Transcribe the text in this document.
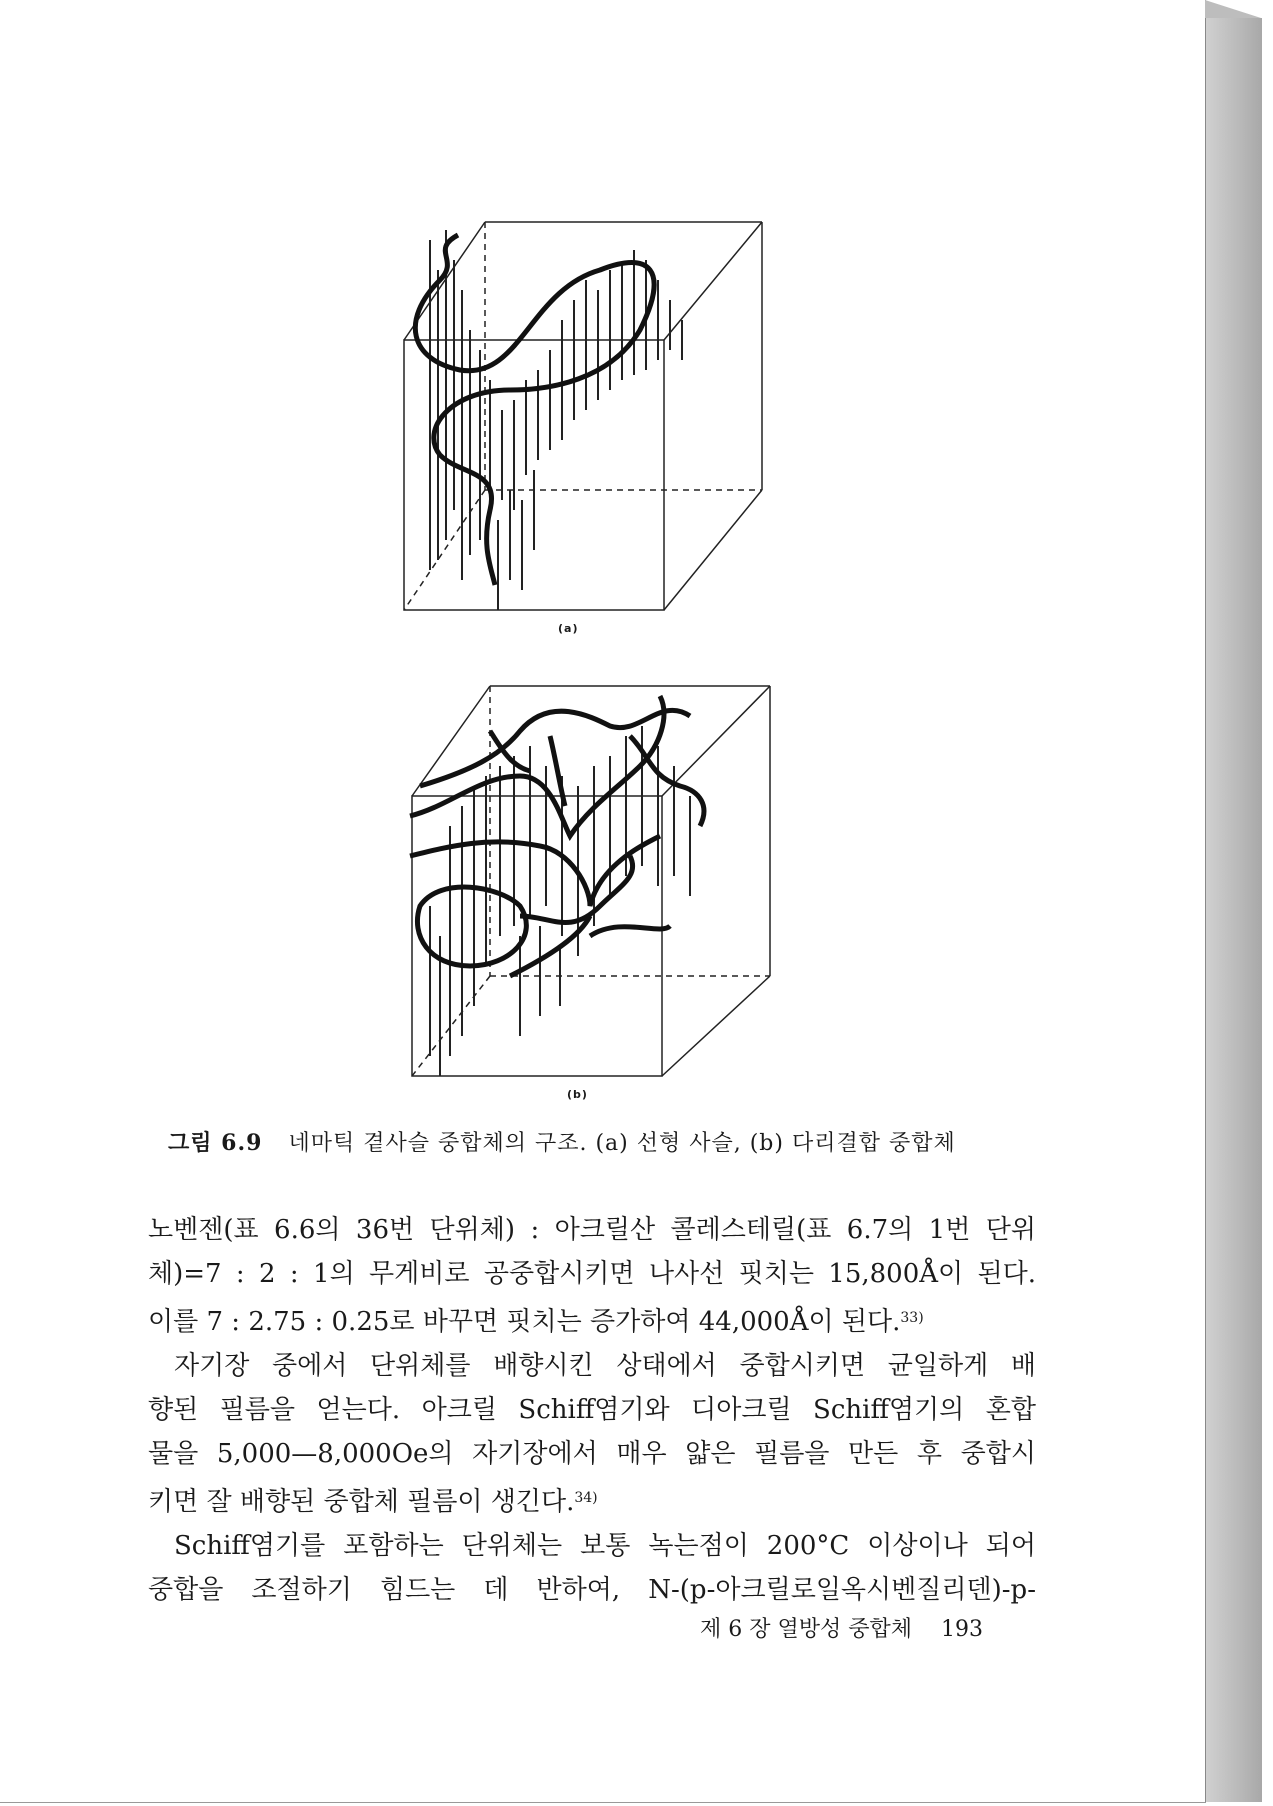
(a)
(b)
그림 6.9 네마틱 곁사슬 중합체의 구조. (a) 선형 사슬, (b) 다리결합 중합체

노벤젠(표 6.6의 36번 단위체) : 아크릴산 콜레스테릴(표 6.7의 1번 단위

체)=7 : 2 : 1의 무게비로 공중합시키면 나사선 핏치는 15,800Å이 된다.

이를 7 : 2.75 : 0.25로 바꾸면 핏치는 증가하여 44,000Å이 된다.$^{33)}$

자기장 중에서 단위체를 배향시킨 상태에서 중합시키면 균일하게 배

향된 필름을 얻는다. 아크릴 Schiff염기와 디아크릴 Schiff염기의 혼합

물을 5,000—8,000Oe의 자기장에서 매우 얇은 필름을 만든 후 중합시

키면 잘 배향된 중합체 필름이 생긴다.$^{34)}$

Schiff염기를 포함하는 단위체는 보통 녹는점이 200°C 이상이나 되어

중합을 조절하기 힘드는 데 반하여, N-(p-아크릴로일옥시벤질리덴)-p-

제 6 장 열방성 중합체 193
